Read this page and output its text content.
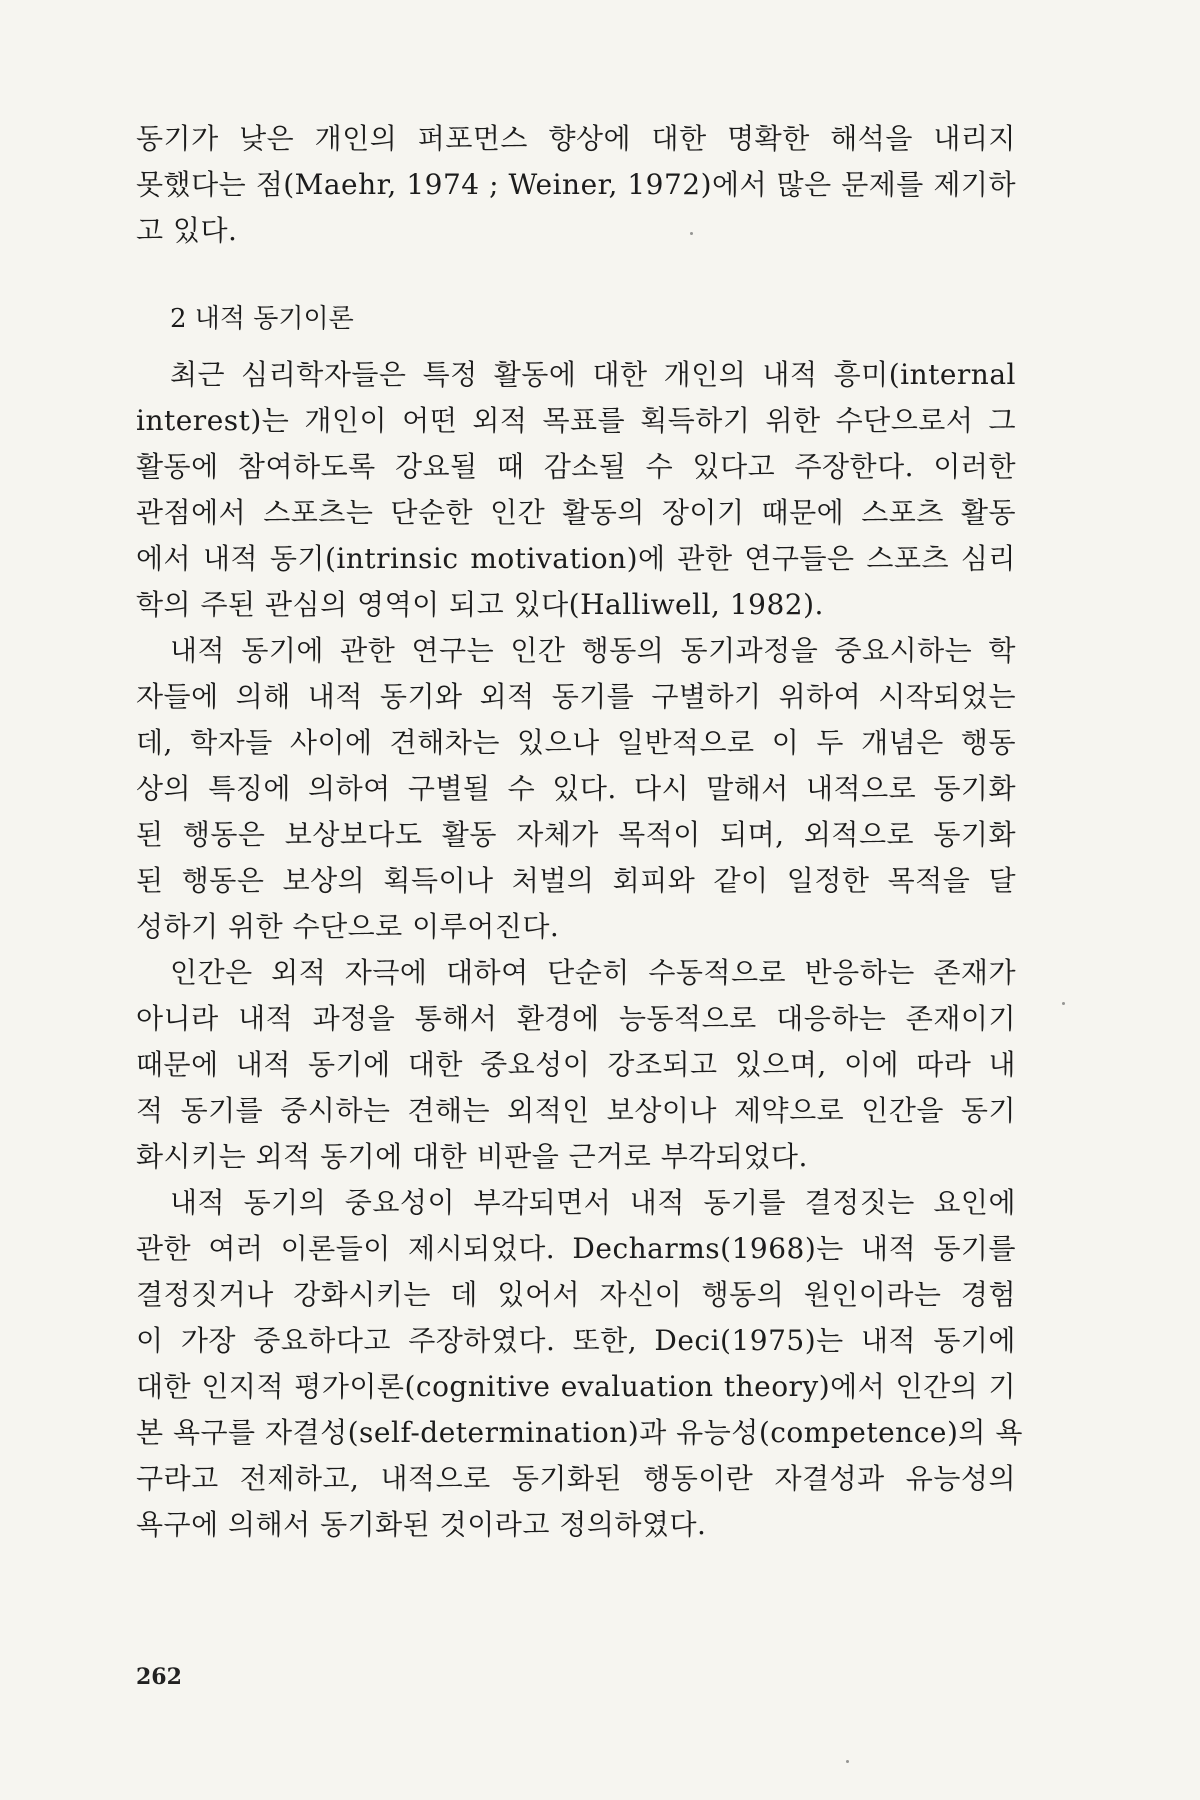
동기가 낮은 개인의 퍼포먼스 향상에 대한 명확한 해석을 내리지
못했다는 점(Maehr, 1974 ; Weiner, 1972)에서 많은 문제를 제기하
고 있다.
2 내적 동기이론
최근 심리학자들은 특정 활동에 대한 개인의 내적 흥미(internal
interest)는 개인이 어떤 외적 목표를 획득하기 위한 수단으로서 그
활동에 참여하도록 강요될 때 감소될 수 있다고 주장한다. 이러한
관점에서 스포츠는 단순한 인간 활동의 장이기 때문에 스포츠 활동
에서 내적 동기(intrinsic motivation)에 관한 연구들은 스포츠 심리
학의 주된 관심의 영역이 되고 있다(Halliwell, 1982).
내적 동기에 관한 연구는 인간 행동의 동기과정을 중요시하는 학
자들에 의해 내적 동기와 외적 동기를 구별하기 위하여 시작되었는
데, 학자들 사이에 견해차는 있으나 일반적으로 이 두 개념은 행동
상의 특징에 의하여 구별될 수 있다. 다시 말해서 내적으로 동기화
된 행동은 보상보다도 활동 자체가 목적이 되며, 외적으로 동기화
된 행동은 보상의 획득이나 처벌의 회피와 같이 일정한 목적을 달
성하기 위한 수단으로 이루어진다.
인간은 외적 자극에 대하여 단순히 수동적으로 반응하는 존재가
아니라 내적 과정을 통해서 환경에 능동적으로 대응하는 존재이기
때문에 내적 동기에 대한 중요성이 강조되고 있으며, 이에 따라 내
적 동기를 중시하는 견해는 외적인 보상이나 제약으로 인간을 동기
화시키는 외적 동기에 대한 비판을 근거로 부각되었다.
내적 동기의 중요성이 부각되면서 내적 동기를 결정짓는 요인에
관한 여러 이론들이 제시되었다. Decharms(1968)는 내적 동기를
결정짓거나 강화시키는 데 있어서 자신이 행동의 원인이라는 경험
이 가장 중요하다고 주장하였다. 또한, Deci(1975)는 내적 동기에
대한 인지적 평가이론(cognitive evaluation theory)에서 인간의 기
본 욕구를 자결성(self-determination)과 유능성(competence)의 욕
구라고 전제하고, 내적으로 동기화된 행동이란 자결성과 유능성의
욕구에 의해서 동기화된 것이라고 정의하였다.
262
